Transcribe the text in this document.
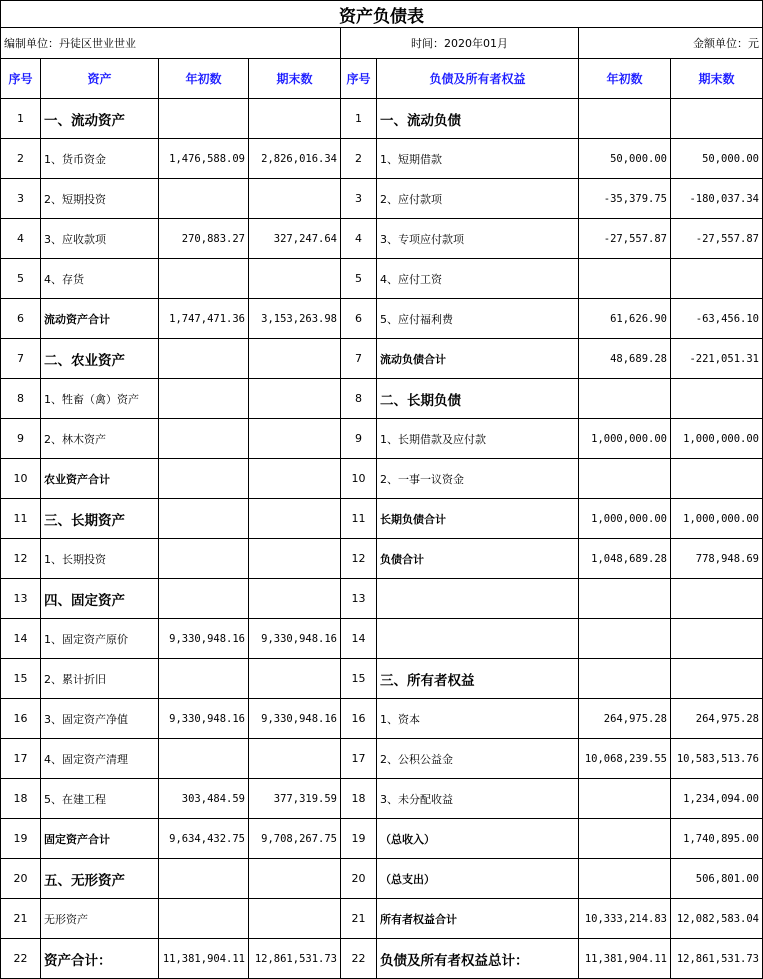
资产负债表							
编制单位：丹徒区世业世业				时间：2020年01月		金额单位：元	
序号	资产	年初数	期末数	序号	负债及所有者权益	年初数	期末数
1	一、流动资产			1	一、流动负债		
2	1、货币资金	1,476,588.09	2,826,016.34	2	1、短期借款	50,000.00	50,000.00
3	2、短期投资			3	2、应付款项	-35,379.75	-180,037.34
4	3、应收款项	270,883.27	327,247.64	4	3、专项应付款项	-27,557.87	-27,557.87
5	4、存货			5	4、应付工资		
6	流动资产合计	1,747,471.36	3,153,263.98	6	5、应付福利费	61,626.90	-63,456.10
7	二、农业资产			7	流动负债合计	48,689.28	-221,051.31
8	1、牲畜（禽）资产			8	二、长期负债		
9	2、林木资产			9	1、长期借款及应付款	1,000,000.00	1,000,000.00
10	农业资产合计			10	2、一事一议资金		
11	三、长期资产			11	长期负债合计	1,000,000.00	1,000,000.00
12	1、长期投资			12	负债合计	1,048,689.28	778,948.69
13	四、固定资产			13			
14	1、固定资产原价	9,330,948.16	9,330,948.16	14			
15	2、累计折旧			15	三、所有者权益		
16	3、固定资产净值	9,330,948.16	9,330,948.16	16	1、资本	264,975.28	264,975.28
17	4、固定资产清理			17	2、公积公益金	10,068,239.55	10,583,513.76
18	5、在建工程	303,484.59	377,319.59	18	3、未分配收益		1,234,094.00
19	固定资产合计	9,634,432.75	9,708,267.75	19	（总收入）		1,740,895.00
20	五、无形资产			20	（总支出）		506,801.00
21	无形资产			21	所有者权益合计	10,333,214.83	12,082,583.04
22	资产合计：	11,381,904.11	12,861,531.73	22	负债及所有者权益总计：	11,381,904.11	12,861,531.73
